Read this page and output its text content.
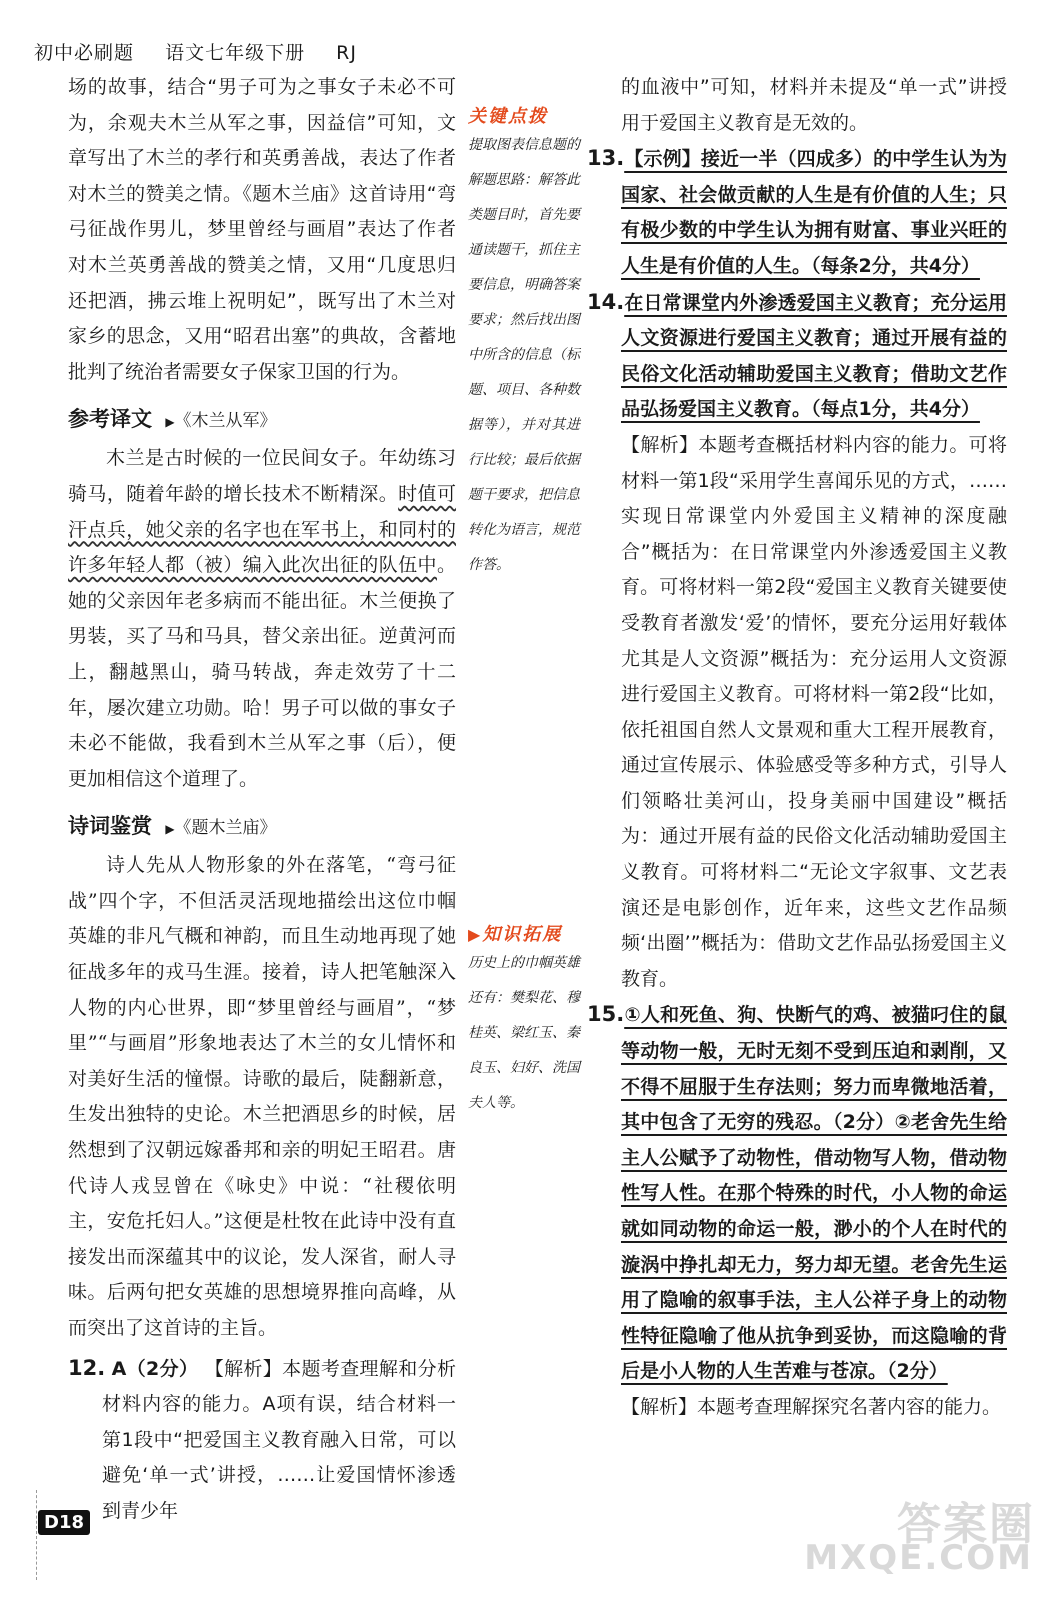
初中必刷题 语文七年级下册 RJ

场的故事，结合“男子可为之事女子未必不可为，余观夫木兰从军之事，因益信”可知，文章写出了木兰的孝行和英勇善战，表达了作者对木兰的赞美之情。《题木兰庙》这首诗用“弯弓征战作男儿，梦里曾经与画眉”表达了作者对木兰英勇善战的赞美之情，又用“几度思归还把酒，拂云堆上祝明妃”，既写出了木兰对家乡的思念，又用“昭君出塞”的典故，含蓄地批判了统治者需要女子保家卫国的行为。

参考译文 ▶《木兰从军》

木兰是古时候的一位民间女子。年幼练习骑马，随着年龄的增长技术不断精深。时值可汗点兵，她父亲的名字也在军书上，和同村的许多年轻人都（被）编入此次出征的队伍中。她的父亲因年老多病而不能出征。木兰便换了男装，买了马和马具，替父亲出征。逆黄河而上，翻越黑山，骑马转战，奔走效劳了十二年，屡次建立功勋。哈！男子可以做的事女子未必不能做，我看到木兰从军之事（后），便更加相信这个道理了。

诗词鉴赏 ▶《题木兰庙》

诗人先从人物形象的外在落笔，“弯弓征战”四个字，不但活灵活现地描绘出这位巾帼英雄的非凡气概和神韵，而且生动地再现了她征战多年的戎马生涯。接着，诗人把笔触深入人物的内心世界，即“梦里曾经与画眉”，“梦里”“与画眉”形象地表达了木兰的女儿情怀和对美好生活的憧憬。诗歌的最后，陡翻新意，生发出独特的史论。木兰把酒思乡的时候，居然想到了汉朝远嫁番邦和亲的明妃王昭君。唐代诗人戎昱曾在《咏史》中说：“社稷依明主，安危托妇人。”这便是杜牧在此诗中没有直接发出而深蕴其中的议论，发人深省，耐人寻味。后两句把女英雄的思想境界推向高峰，从而突出了这首诗的主旨。

12. A（2分） 【解析】本题考查理解和分析材料内容的能力。A项有误，结合材料一第1段中“把爱国主义教育融入日常，可以避免‘单一式’讲授，……让爱国情怀渗透到青少年

关键点拨
提取图表信息题的解题思路：解答此类题目时，首先要通读题干，抓住主要信息，明确答案要求；然后找出图中所含的信息（标题、项目、各种数据等），并对其进行比较；最后依据题干要求，把信息转化为语言，规范作答。
▶知识拓展
历史上的巾帼英雄还有：樊梨花、穆桂英、梁红玉、秦良玉、妇好、洗国夫人等。

的血液中”可知，材料并未提及“单一式”讲授用于爱国主义教育是无效的。

13.【示例】接近一半（四成多）的中学生认为为国家、社会做贡献的人生是有价值的人生；只有极少数的中学生认为拥有财富、事业兴旺的人生是有价值的人生。（每条2分，共4分）

14.在日常课堂内外渗透爱国主义教育；充分运用人文资源进行爱国主义教育；通过开展有益的民俗文化活动辅助爱国主义教育；借助文艺作品弘扬爱国主义教育。（每点1分，共4分）

【解析】本题考查概括材料内容的能力。可将材料一第1段“采用学生喜闻乐见的方式，……实现日常课堂内外爱国主义精神的深度融合”概括为：在日常课堂内外渗透爱国主义教育。可将材料一第2段“爱国主义教育关键要使受教育者激发‘爱’的情怀，要充分运用好载体尤其是人文资源”概括为：充分运用人文资源进行爱国主义教育。可将材料一第2段“比如，依托祖国自然人文景观和重大工程开展教育，通过宣传展示、体验感受等多种方式，引导人们领略壮美河山，投身美丽中国建设”概括为：通过开展有益的民俗文化活动辅助爱国主义教育。可将材料二“无论文字叙事、文艺表演还是电影创作，近年来，这些文艺作品频频‘出圈’”概括为：借助文艺作品弘扬爱国主义教育。

15.①人和死鱼、狗、快断气的鸡、被猫叼住的鼠等动物一般，无时无刻不受到压迫和剥削，又不得不屈服于生存法则；努力而卑微地活着，其中包含了无穷的残忍。（2分）②老舍先生给主人公赋予了动物性，借动物写人物，借动物性写人性。在那个特殊的时代，小人物的命运就如同动物的命运一般，渺小的个人在时代的漩涡中挣扎却无力，努力却无望。老舍先生运用了隐喻的叙事手法，主人公祥子身上的动物性特征隐喻了他从抗争到妥协，而这隐喻的背后是小人物的人生苦难与苍凉。（2分）

【解析】本题考查理解探究名著内容的能力。

D18	答案圈
MXQE.COM
